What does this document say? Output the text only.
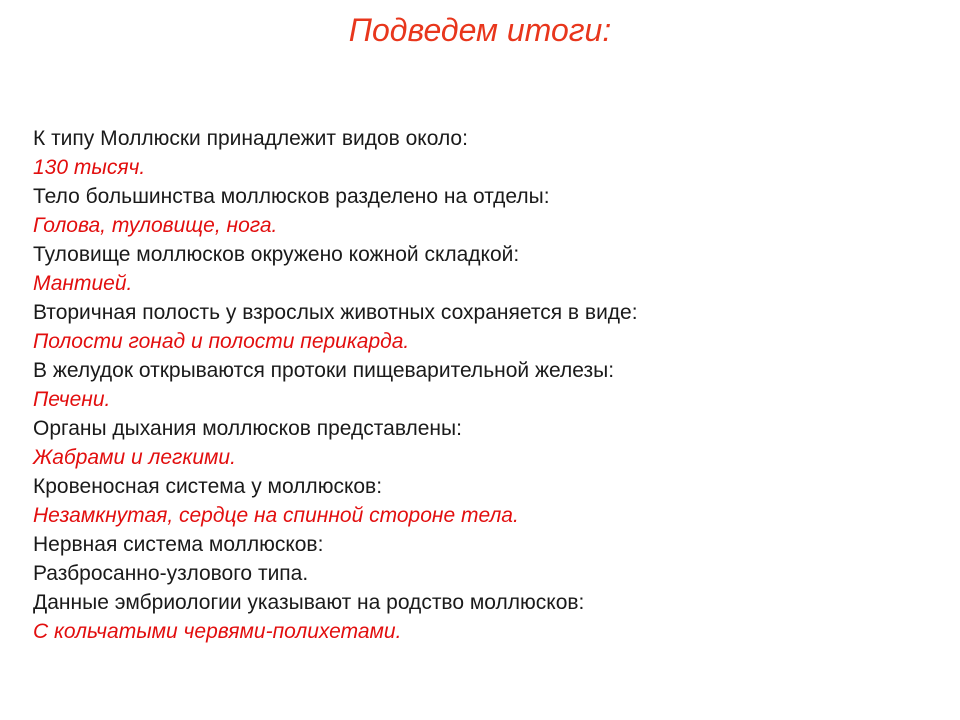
Подведем итоги:
К типу Моллюски принадлежит видов около:
130 тысяч.
Тело большинства моллюсков разделено на отделы:
Голова, туловище, нога.
Туловище моллюсков окружено кожной складкой:
Мантией.
Вторичная полость у взрослых животных сохраняется в виде:
Полости гонад и полости перикарда.
В желудок открываются протоки пищеварительной железы:
Печени.
Органы дыхания моллюсков представлены:
Жабрами и легкими.
Кровеносная система у моллюсков:
Незамкнутая, сердце на спинной стороне тела.
Нервная система моллюсков:
Разбросанно-узлового типа.
Данные эмбриологии указывают на родство моллюсков:
С кольчатыми червями-полихетами.
